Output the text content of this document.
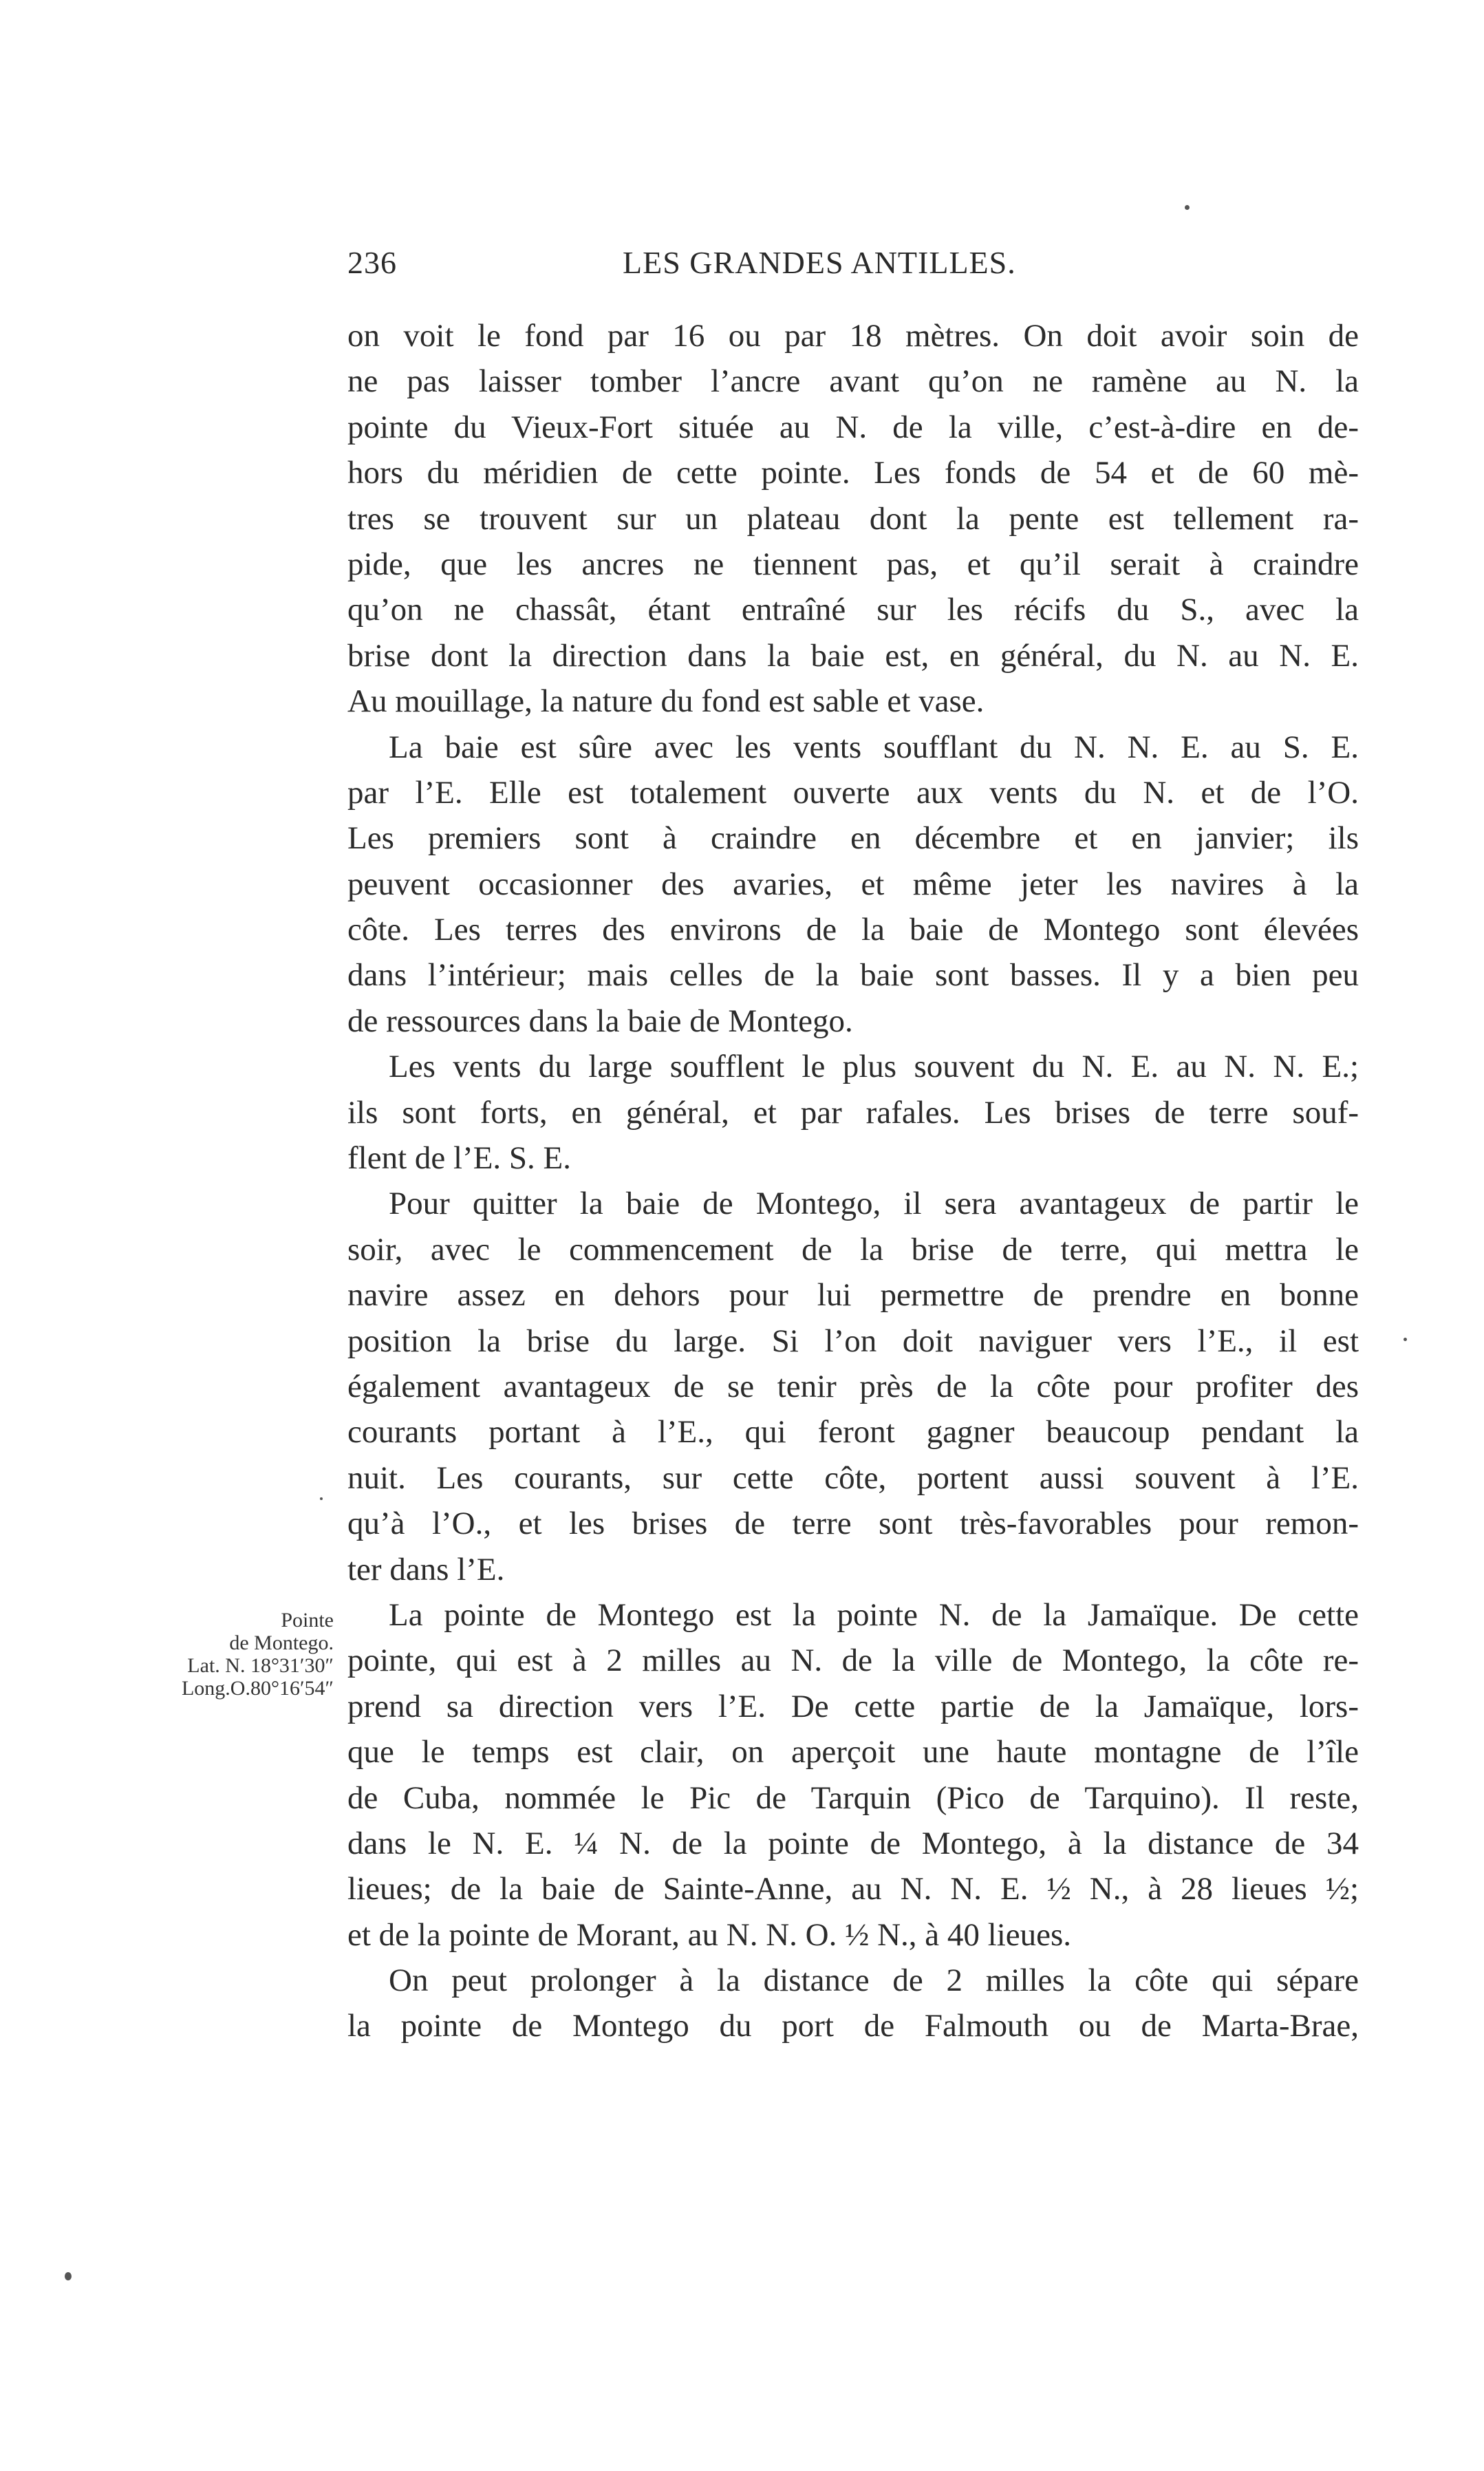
236	LES GRANDES ANTILLES.
Pointe
de Montego.
Lat. N. 18°31′30″
Long.O.80°16′54″
on voit le fond par 16 ou par 18 mètres. On doit avoir soin de
ne pas laisser tomber l’ancre avant qu’on ne ramène au N. la
pointe du Vieux-Fort située au N. de la ville, c’est-à-dire en de-
hors du méridien de cette pointe. Les fonds de 54 et de 60 mè-
tres se trouvent sur un plateau dont la pente est tellement ra-
pide, que les ancres ne tiennent pas, et qu’il serait à craindre
qu’on ne chassât, étant entraîné sur les récifs du S., avec la
brise dont la direction dans la baie est, en général, du N. au N. E.
Au mouillage, la nature du fond est sable et vase.
La baie est sûre avec les vents soufflant du N. N. E. au S. E.
par l’E. Elle est totalement ouverte aux vents du N. et de l’O.
Les premiers sont à craindre en décembre et en janvier; ils
peuvent occasionner des avaries, et même jeter les navires à la
côte. Les terres des environs de la baie de Montego sont élevées
dans l’intérieur; mais celles de la baie sont basses. Il y a bien peu
de ressources dans la baie de Montego.
Les vents du large soufflent le plus souvent du N. E. au N. N. E.;
ils sont forts, en général, et par rafales. Les brises de terre souf-
flent de l’E. S. E.
Pour quitter la baie de Montego, il sera avantageux de partir le
soir, avec le commencement de la brise de terre, qui mettra le
navire assez en dehors pour lui permettre de prendre en bonne
position la brise du large. Si l’on doit naviguer vers l’E., il est
également avantageux de se tenir près de la côte pour profiter des
courants portant à l’E., qui feront gagner beaucoup pendant la
nuit. Les courants, sur cette côte, portent aussi souvent à l’E.
qu’à l’O., et les brises de terre sont très-favorables pour remon-
ter dans l’E.
La pointe de Montego est la pointe N. de la Jamaïque. De cette
pointe, qui est à 2 milles au N. de la ville de Montego, la côte re-
prend sa direction vers l’E. De cette partie de la Jamaïque, lors-
que le temps est clair, on aperçoit une haute montagne de l’île
de Cuba, nommée le Pic de Tarquin (Pico de Tarquino). Il reste,
dans le N. E. ¼ N. de la pointe de Montego, à la distance de 34
lieues; de la baie de Sainte-Anne, au N. N. E. ½ N., à 28 lieues ½;
et de la pointe de Morant, au N. N. O. ½ N., à 40 lieues.
On peut prolonger à la distance de 2 milles la côte qui sépare
la pointe de Montego du port de Falmouth ou de Marta-Brae,
